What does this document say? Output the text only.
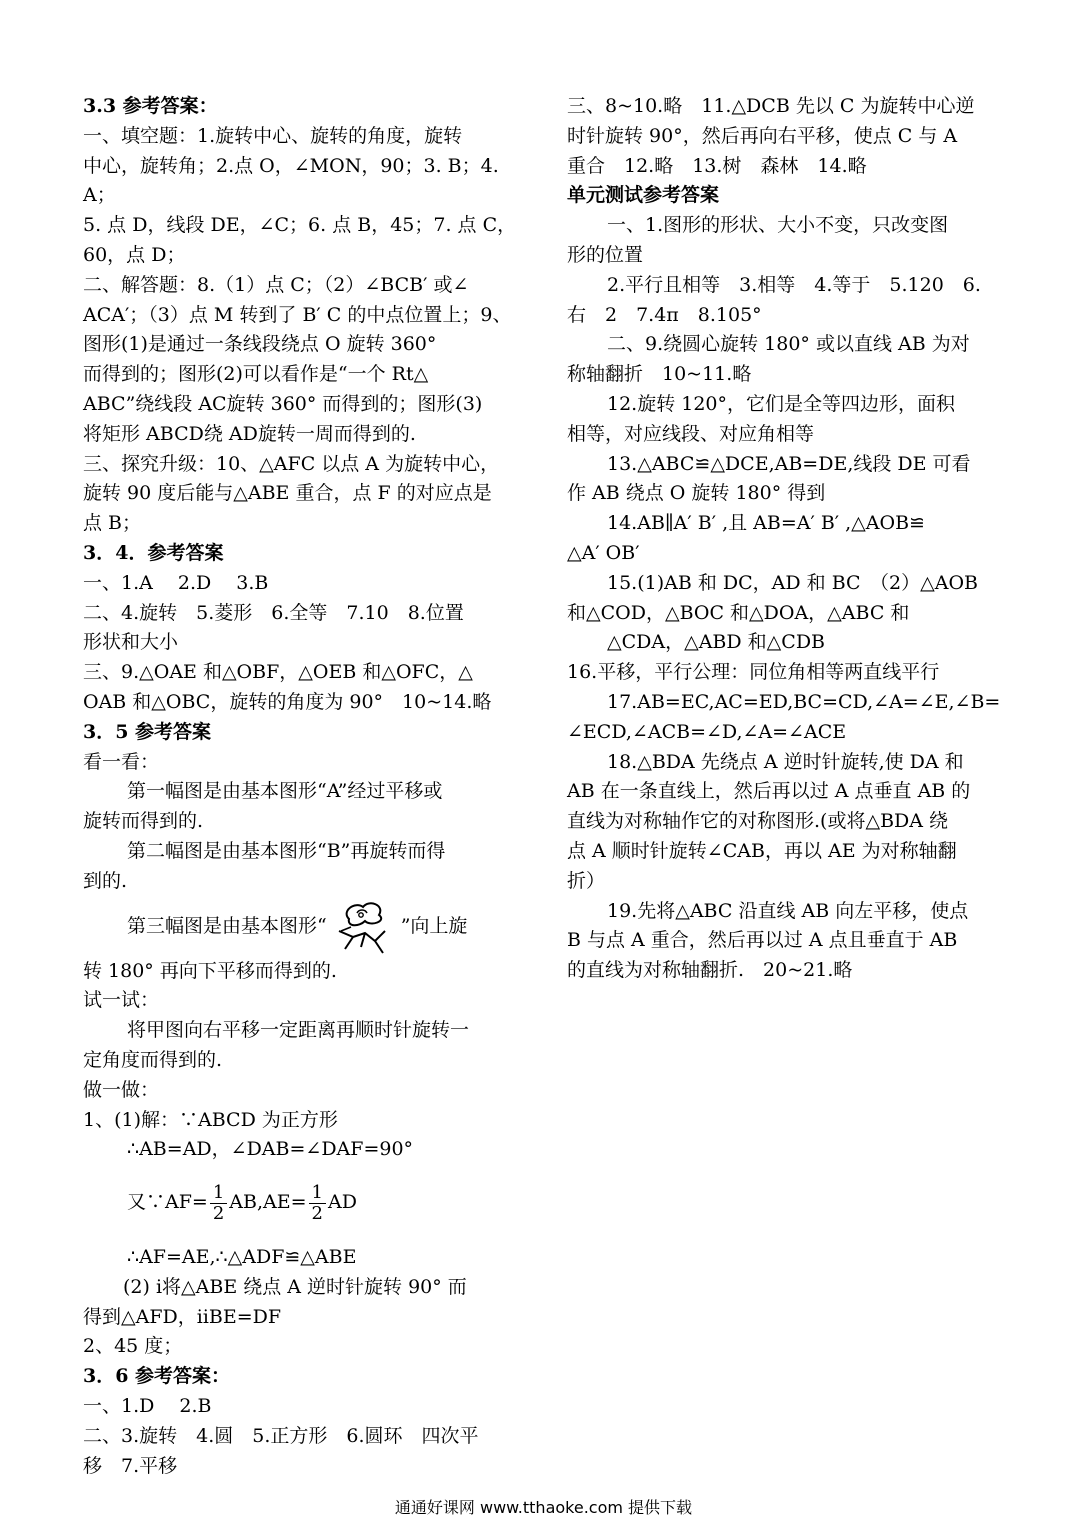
3.3 参考答案：

一、填空题：1.旋转中心、旋转的角度，旋转

中心，旋转角；2.点 O，∠MON，90；3. B；4. A；

5. 点 D，线段 DE，∠C；6. 点 B，45；7. 点 C，

60，点 D；

二、解答题：8.（1）点 C；（2）∠BCB′ 或∠

ACA′；（3）点 M 转到了 B′ C 的中点位置上；9、

图形(1)是通过一条线段绕点 O 旋转 360°

而得到的；图形(2)可以看作是“一个 Rt△

ABC”绕线段 AC旋转 360° 而得到的；图形(3)

将矩形 ABCD绕 AD旋转一周而得到的.

三、探究升级：10、△AFC 以点 A 为旋转中心，

旋转 90 度后能与△ABE 重合，点 F 的对应点是

点 B；

3．4．参考答案

一、1.A　 2.D　 3.B

二、4.旋转　5.菱形　6.全等　7.10　8.位置

形状和大小

三、9.△OAE 和△OBF，△OEB 和△OFC，△

OAB 和△OBC，旋转的角度为 90°　10~14.略

3．5 参考答案

看一看：

第一幅图是由基本图形“A”经过平移或

旋转而得到的.

第二幅图是由基本图形“B”再旋转而得

到的.

第三幅图是由基本图形“	”向上旋

转 180° 再向下平移而得到的.

试一试：

将甲图向右平移一定距离再顺时针旋转一

定角度而得到的.

做一做：

1、(1)解：∵ABCD 为正方形

∴AB=AD，∠DAB=∠DAF=90°

又∵AF= $\frac{1}{2} AB,AE= \frac{1}{2}$ AD

∴AF=AE,∴△ADF≌△ABE

(2) ⅰ将△ABE 绕点 A 逆时针旋转 90° 而

得到△AFD，ⅱBE=DF

2、45 度；

3．6 参考答案：

一、1.D　 2.B

二、3.旋转　4.圆　5.正方形　6.圆环　四次平

移　7.平移

三、8~10.略　11.△DCB 先以 C 为旋转中心逆

时针旋转 90°，然后再向右平移，使点 C 与 A

重合　12.略　13.树　森林　14.略

单元测试参考答案

一、1.图形的形状、大小不变，只改变图

形的位置

2.平行且相等　3.相等　4.等于　5.120　6.

右　2　7.4π　8.105°

二、9.绕圆心旋转 180° 或以直线 AB 为对

称轴翻折　10~11.略

12.旋转 120°，它们是全等四边形，面积

相等，对应线段、对应角相等

13.△ABC≌△DCE,AB=DE,线段 DE 可看

作 AB 绕点 O 旋转 180° 得到

14.AB∥A′ B′ ,且 AB=A′ B′ ,△AOB≌

△A′ OB′

15.(1)AB 和 DC，AD 和 BC　（2）△AOB

和△COD，△BOC 和△DOA，△ABC 和

△CDA，△ABD 和△CDB

16.平移，平行公理：同位角相等两直线平行

17.AB=EC,AC=ED,BC=CD,∠A=∠E,∠B=

∠ECD,∠ACB=∠D,∠A=∠ACE

18.△BDA 先绕点 A 逆时针旋转,使 DA 和

AB 在一条直线上，然后再以过 A 点垂直 AB 的

直线为对称轴作它的对称图形.(或将△BDA 绕

点 A 顺时针旋转∠CAB，再以 AE 为对称轴翻

折）

19.先将△ABC 沿直线 AB 向左平移，使点

B 与点 A 重合，然后再以过 A 点且垂直于 AB

的直线为对称轴翻折.　20~21.略

通通好课网 www.tthaoke.com 提供下载
